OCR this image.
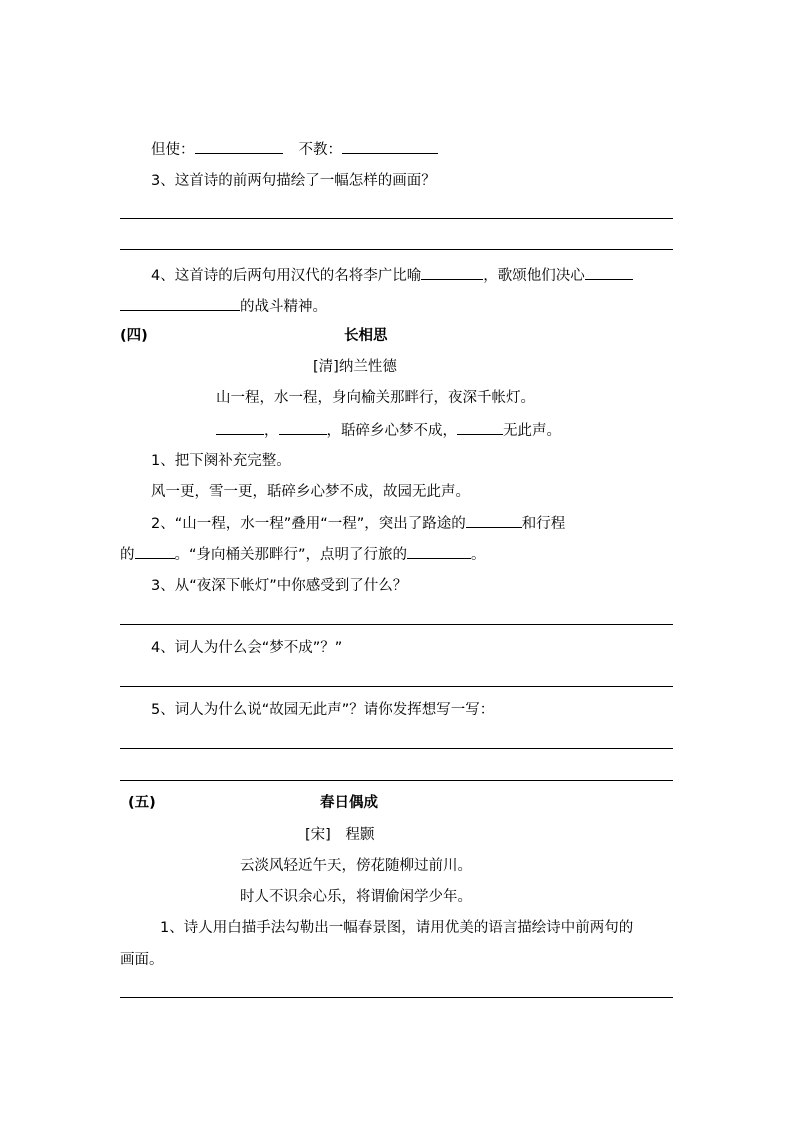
但使：	不教：
3、这首诗的前两句描绘了一幅怎样的画面？
4、这首诗的后两句用汉代的名将李广比喻	，歌颂他们决心
的战斗精神。
(四)	长相思
[清]纳兰性德
山一程，水一程，身向榆关那畔行，夜深千帐灯。
，	，聒碎乡心梦不成，	无此声。
1、把下阕补充完整。
风一更，雪一更，聒碎乡心梦不成，故园无此声。
2、“山一程，水一程”叠用“一程”，突出了路途的	和行程
的	。“身向桶关那畔行”，点明了行旅的	。
3、从“夜深下帐灯”中你感受到了什么？
4、词人为什么会“梦不成”？”
5、词人为什么说“故园无此声”？请你发挥想写一写：
(五)	春日偶成
[宋]　程颢
云淡风轻近午天，傍花随柳过前川。
时人不识余心乐，将谓偷闲学少年。
1、诗人用白描手法勾勒出一幅春景图，请用优美的语言描绘诗中前两句的
画面。
